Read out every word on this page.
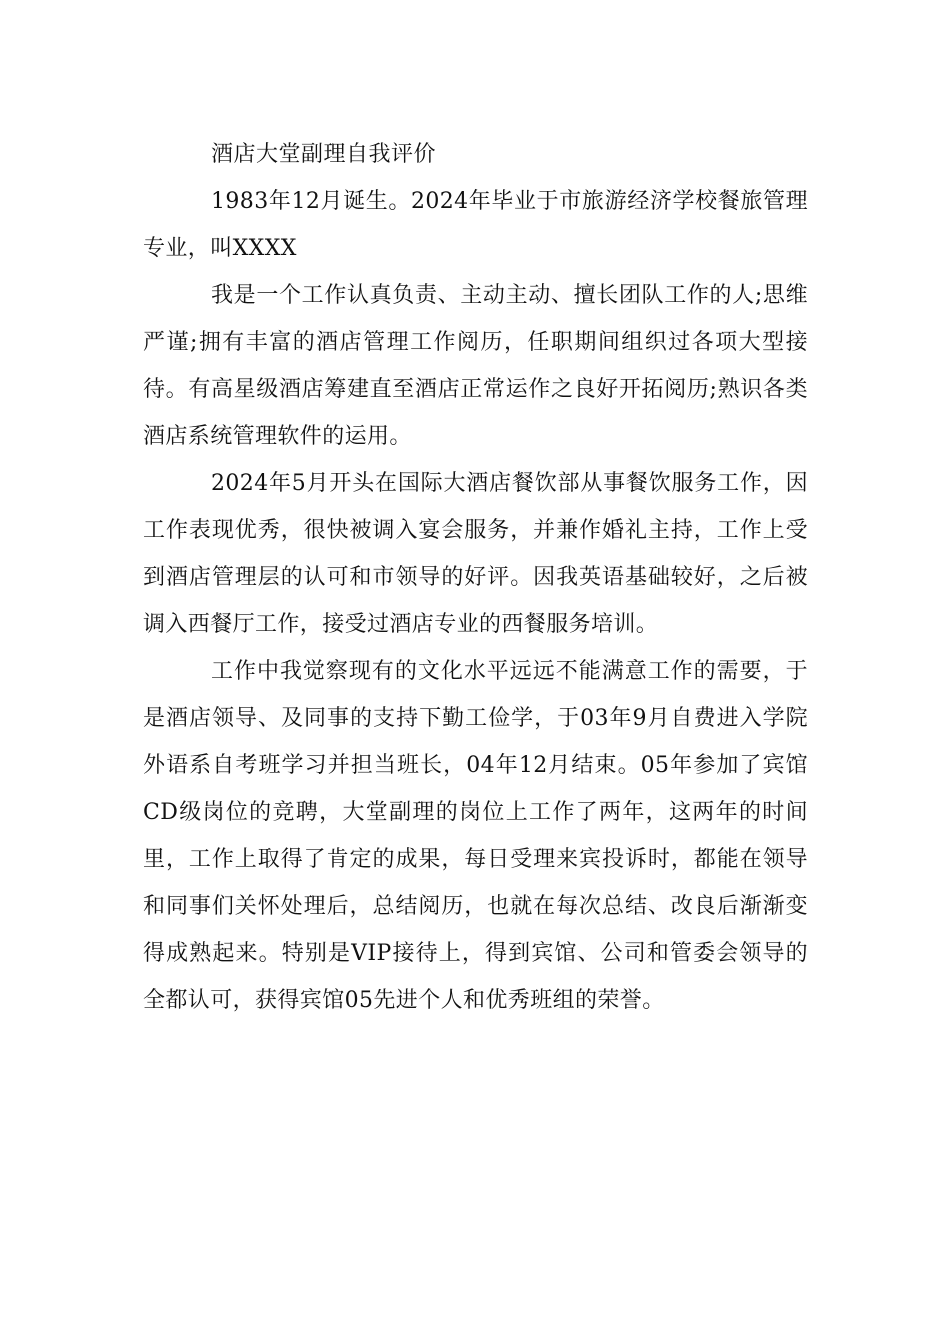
酒店大堂副理自我评价

1983年12月诞生。2024年毕业于市旅游经济学校餐旅管理专业，叫XXXX

我是一个工作认真负责、主动主动、擅长团队工作的人;思维严谨;拥有丰富的酒店管理工作阅历，任职期间组织过各项大型接待。有高星级酒店筹建直至酒店正常运作之良好开拓阅历;熟识各类酒店系统管理软件的运用。

2024年5月开头在国际大酒店餐饮部从事餐饮服务工作，因工作表现优秀，很快被调入宴会服务，并兼作婚礼主持，工作上受到酒店管理层的认可和市领导的好评。因我英语基础较好，之后被调入西餐厅工作，接受过酒店专业的西餐服务培训。

工作中我觉察现有的文化水平远远不能满意工作的需要，于是酒店领导、及同事的支持下勤工俭学，于03年9月自费进入学院外语系自考班学习并担当班长，04年12月结束。05年参加了宾馆CD级岗位的竞聘，大堂副理的岗位上工作了两年，这两年的时间里，工作上取得了肯定的成果，每日受理来宾投诉时，都能在领导和同事们关怀处理后，总结阅历，也就在每次总结、改良后渐渐变得成熟起来。特别是VIP接待上，得到宾馆、公司和管委会领导的全都认可，获得宾馆05先进个人和优秀班组的荣誉。
